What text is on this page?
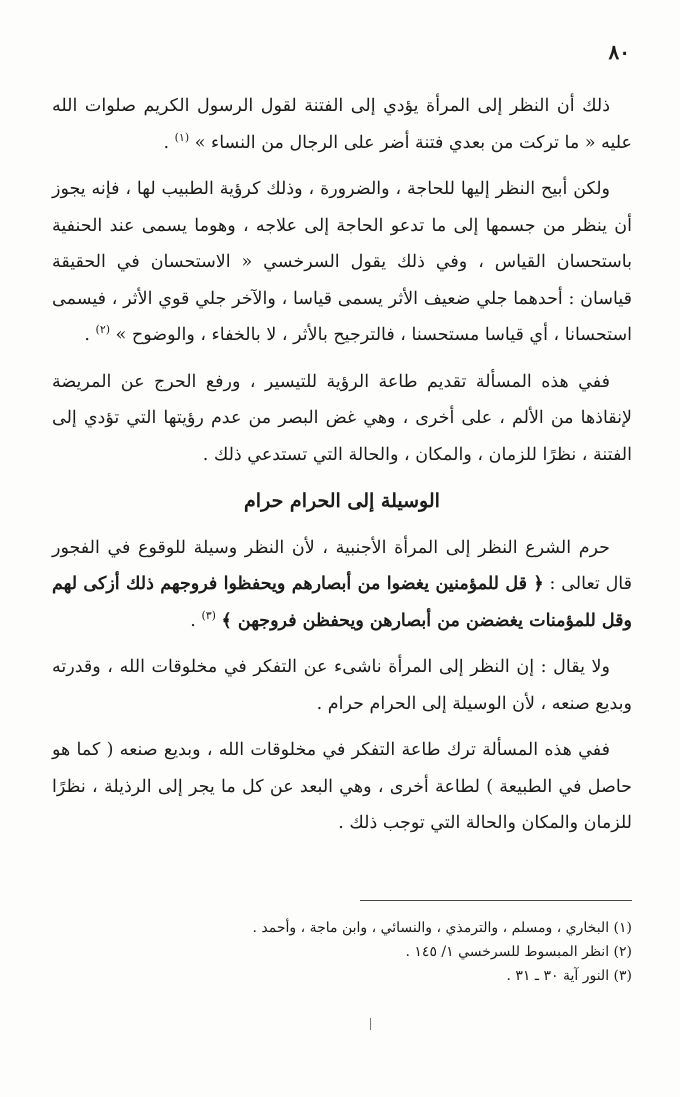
٨٠

ذلك أن النظر إلى المرأة يؤدي إلى الفتنة لقول الرسول الكريم صلوات الله عليه « ما تركت من بعدي فتنة أضر على الرجال من النساء » $^{(١)}$ .

ولكن أبيح النظر إليها للحاجة ، والضرورة ، وذلك كرؤية الطبيب لها ، فإنه يجوز أن ينظر من جسمها إلى ما تدعو الحاجة إلى علاجه ، وهوما يسمى عند الحنفية باستحسان القياس ، وفي ذلك يقول السرخسي « الاستحسان في الحقيقة قياسان : أحدهما جلي ضعيف الأثر يسمى قياسا ، والآخر جلي قوي الأثر ، فيسمى استحسانا ، أي قياسا مستحسنا ، فالترجيح بالأثر ، لا بالخفاء ، والوضوح » $^{(٢)}$ .

ففي هذه المسألة تقديم طاعة الرؤية للتيسير ، ورفع الحرج عن المريضة لإنقاذها من الألم ، على أخرى ، وهي غض البصر من عدم رؤيتها التي تؤدي إلى الفتنة ، نظرًا للزمان ، والمكان ، والحالة التي تستدعي ذلك .

الوسيلة إلى الحرام حرام

حرم الشرع النظر إلى المرأة الأجنبية ، لأن النظر وسيلة للوقوع في الفجور قال تعالى : ﴿ قل للمؤمنين يغضوا من أبصارهم ويحفظوا فروجهم ذلك أزكى لهم وقل للمؤمنات يغضضن من أبصارهن ويحفظن فروجهن ﴾ $^{(٣)}$ .

ولا يقال : إن النظر إلى المرأة ناشىء عن التفكر في مخلوقات الله ، وقدرته وبديع صنعه ، لأن الوسيلة إلى الحرام حرام .

ففي هذه المسألة ترك طاعة التفكر في مخلوقات الله ، وبديع صنعه ( كما هو حاصل في الطبيعة ) لطاعة أخرى ، وهي البعد عن كل ما يجر إلى الرذيلة ، نظرًا للزمان والمكان والحالة التي توجب ذلك .

(١) البخاري ، ومسلم ، والترمذي ، والنسائي ، وابن ماجة ، وأحمد .

(٢) انظر المبسوط للسرخسي ١/ ١٤٥ .

(٣) النور آية ٣٠ ـ ٣١ .
